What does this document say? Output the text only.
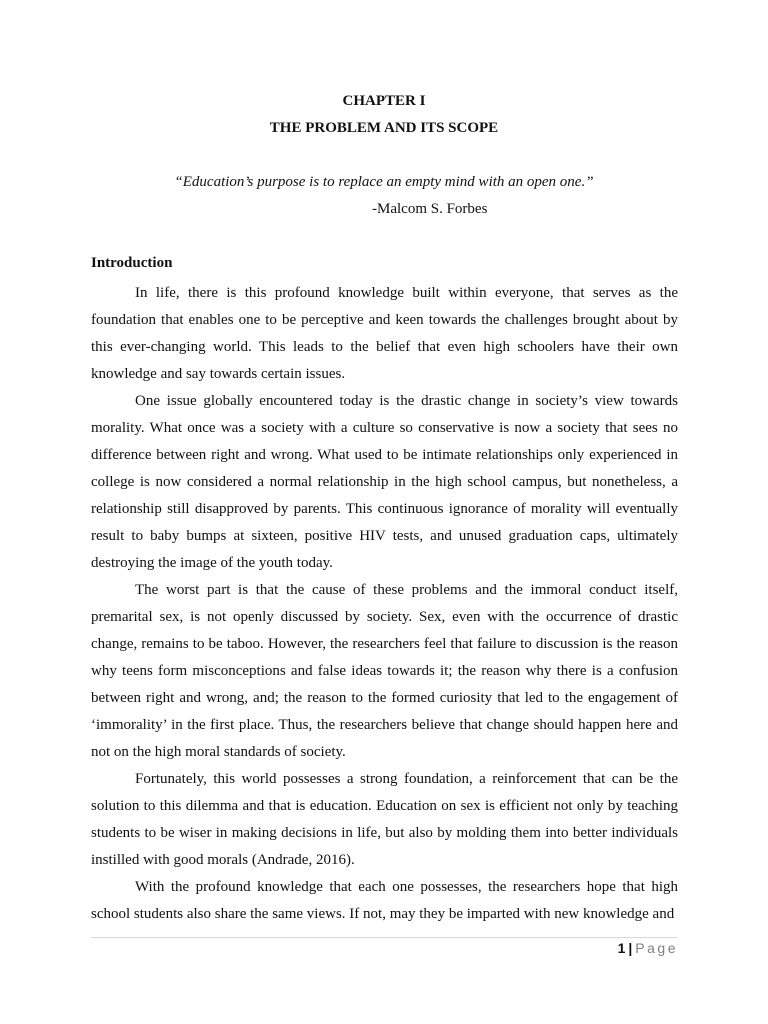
CHAPTER I
THE PROBLEM AND ITS SCOPE
“Education’s purpose is to replace an empty mind with an open one.”
-Malcom S. Forbes
Introduction

In life, there is this profound knowledge built within everyone, that serves as the foundation that enables one to be perceptive and keen towards the challenges brought about by this ever-changing world. This leads to the belief that even high schoolers have their own knowledge and say towards certain issues.

One issue globally encountered today is the drastic change in society’s view towards morality. What once was a society with a culture so conservative is now a society that sees no difference between right and wrong. What used to be intimate relationships only experienced in college is now considered a normal relationship in the high school campus, but nonetheless, a relationship still disapproved by parents. This continuous ignorance of morality will eventually result to baby bumps at sixteen, positive HIV tests, and unused graduation caps, ultimately destroying the image of the youth today.

The worst part is that the cause of these problems and the immoral conduct itself, premarital sex, is not openly discussed by society. Sex, even with the occurrence of drastic change, remains to be taboo. However, the researchers feel that failure to discussion is the reason why teens form misconceptions and false ideas towards it; the reason why there is a confusion between right and wrong, and; the reason to the formed curiosity that led to the engagement of ‘immorality’ in the first place. Thus, the researchers believe that change should happen here and not on the high moral standards of society.

Fortunately, this world possesses a strong foundation, a reinforcement that can be the solution to this dilemma and that is education. Education on sex is efficient not only by teaching students to be wiser in making decisions in life, but also by molding them into better individuals instilled with good morals (Andrade, 2016).

With the profound knowledge that each one possesses, the researchers hope that high school students also share the same views. If not, may they be imparted with new knowledge and

1 | Page
